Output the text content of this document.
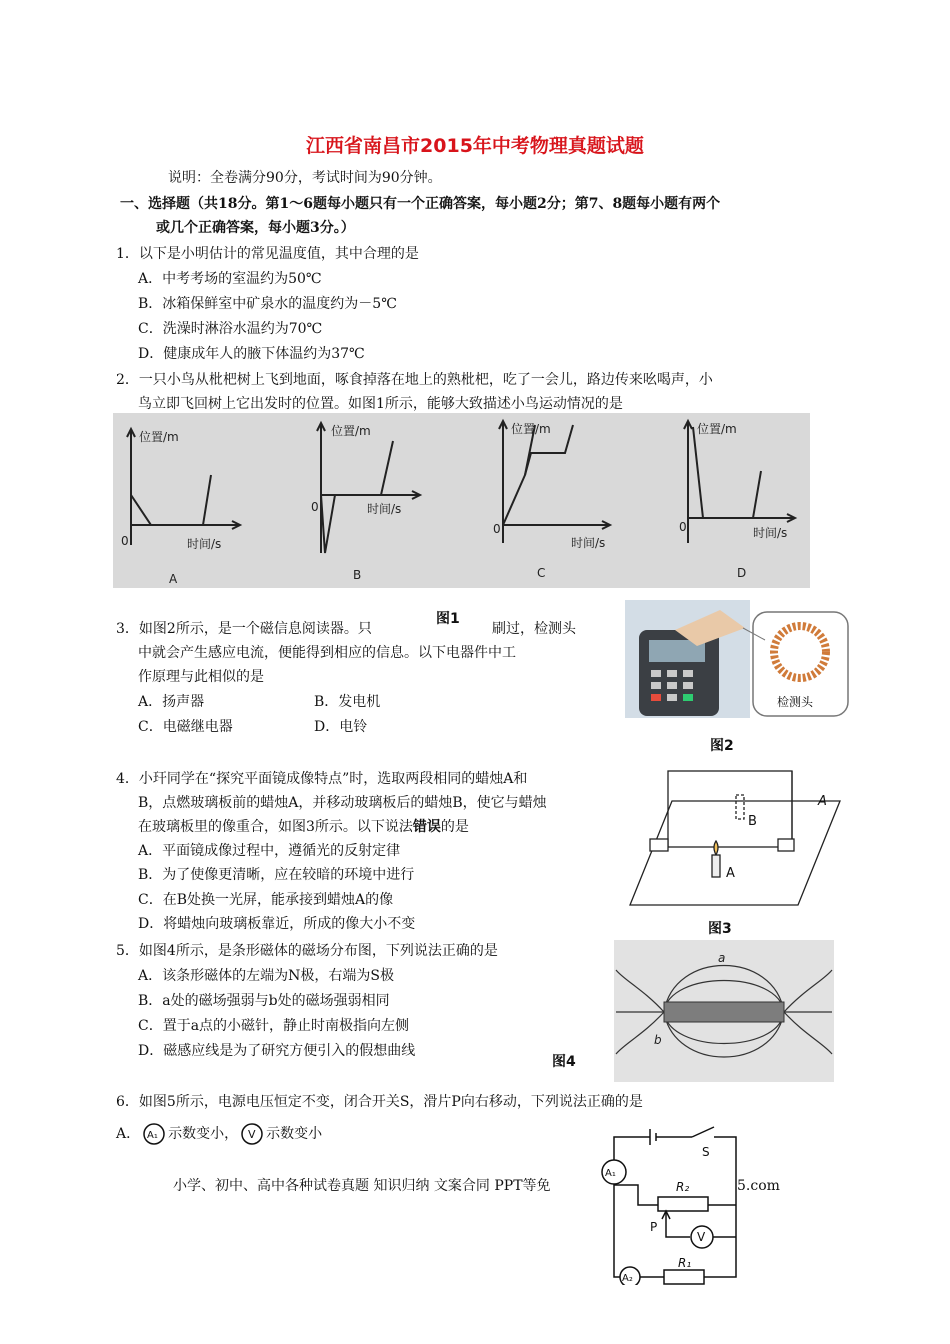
江西省南昌市2015年中考物理真题试题
说明：全卷满分90分，考试时间为90分钟。
一、选择题（共18分。第1～6题每小题只有一个正确答案，每小题2分；第7、8题每小题有两个
或几个正确答案，每小题3分。）
1．以下是小明估计的常见温度值，其中合理的是
A．中考考场的室温约为50℃
B．冰箱保鲜室中矿泉水的温度约为－5℃
C．洗澡时淋浴水温约为70℃
D．健康成年人的腋下体温约为37℃
2．一只小鸟从枇杷树上飞到地面，啄食掉落在地上的熟枇杷，吃了一会儿，路边传来吆喝声，小
鸟立即飞回树上它出发时的位置。如图1所示，能够大致描述小鸟运动情况的是
位置/m
时间/s
0
位置/m
时间/s
0
位置/m
时间/s
0
位置/m
时间/s
0
A	B	C	D
图1
3．如图2所示，是一个磁信息阅读器。只	刷过，检测头
中就会产生感应电流，便能得到相应的信息。以下电器件中工
作原理与此相似的是
A．扬声器	B．发电机
C．电磁继电器	D．电铃
检测头
图2
4．小玕同学在“探究平面镜成像特点”时，选取两段相同的蜡烛A和
B，点燃玻璃板前的蜡烛A，并移动玻璃板后的蜡烛B，使它与蜡烛
在玻璃板里的像重合，如图3所示。以下说法错误的是
A．平面镜成像过程中，遵循光的反射定律
B．为了使像更清晰，应在较暗的环境中进行
C．在B处换一光屏，能承接到蜡烛A的像
D．将蜡烛向玻璃板靠近，所成的像大小不变
A
B
A
图3
5．如图4所示，是条形磁体的磁场分布图，下列说法正确的是
A．该条形磁体的左端为N极，右端为S极
B．a处的磁场强弱与b处的磁场强弱相同
C．置于a点的小磁针，静止时南极指向左侧
D．磁感应线是为了研究方便引入的假想曲线
a
b
图4
6．如图5所示，电源电压恒定不变，闭合开关S，滑片P向右移动，下列说法正确的是
A． A₁ 示数变小， V 示数变小
S
A₁
R₂
P
V
A₂
R₁
小学、初中、高中各种试卷真题 知识归纳 文案合同 PPT等免	5.com
